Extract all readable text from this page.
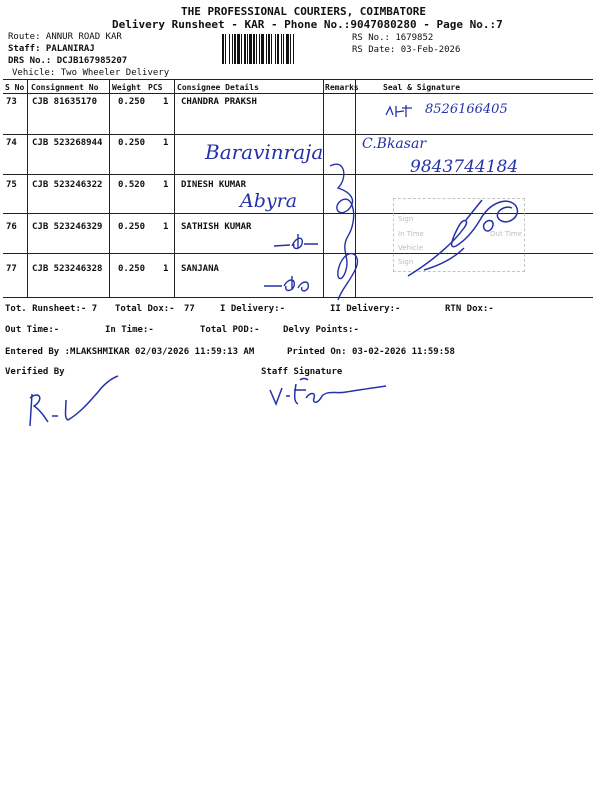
THE PROFESSIONAL COURIERS, COIMBATORE
Delivery Runsheet - KAR - Phone No.:9047080280 - Page No.:7
Route: ANNUR ROAD KAR
Staff: PALANIRAJ
DRS No.: DCJB167985207
Vehicle: Two Wheeler Delivery
RS No.: 1679852
RS Date: 03-Feb-2026
S No Consignment No Weight PCS Consignee Details	Remarks	Seal & Signature
73 CJB 81635170 0.250 1 CHANDRA PRAKSH
74 CJB 523268944 0.250 1
75 CJB 523246322 0.520 1 DINESH KUMAR
76 CJB 523246329 0.250 1 SATHISH KUMAR
77 CJB 523246328 0.250 1 SANJANA
Sign
In Time	Out Time
Vehicle
Sign
8526166405
Baravinraja	C.Bkasar
9843744184
Abyra
Tot. Runsheet:- 7 Total Dox:- 77	I Delivery:-	II Delivery:-	RTN Dox:-
Out Time:-	In Time:-	Total POD:-	Delvy Points:-
Entered By :MLAKSHMIKAR 02/03/2026 11:59:13 AM	Printed On: 03-02-2026 11:59:58
Verified By	Staff Signature
